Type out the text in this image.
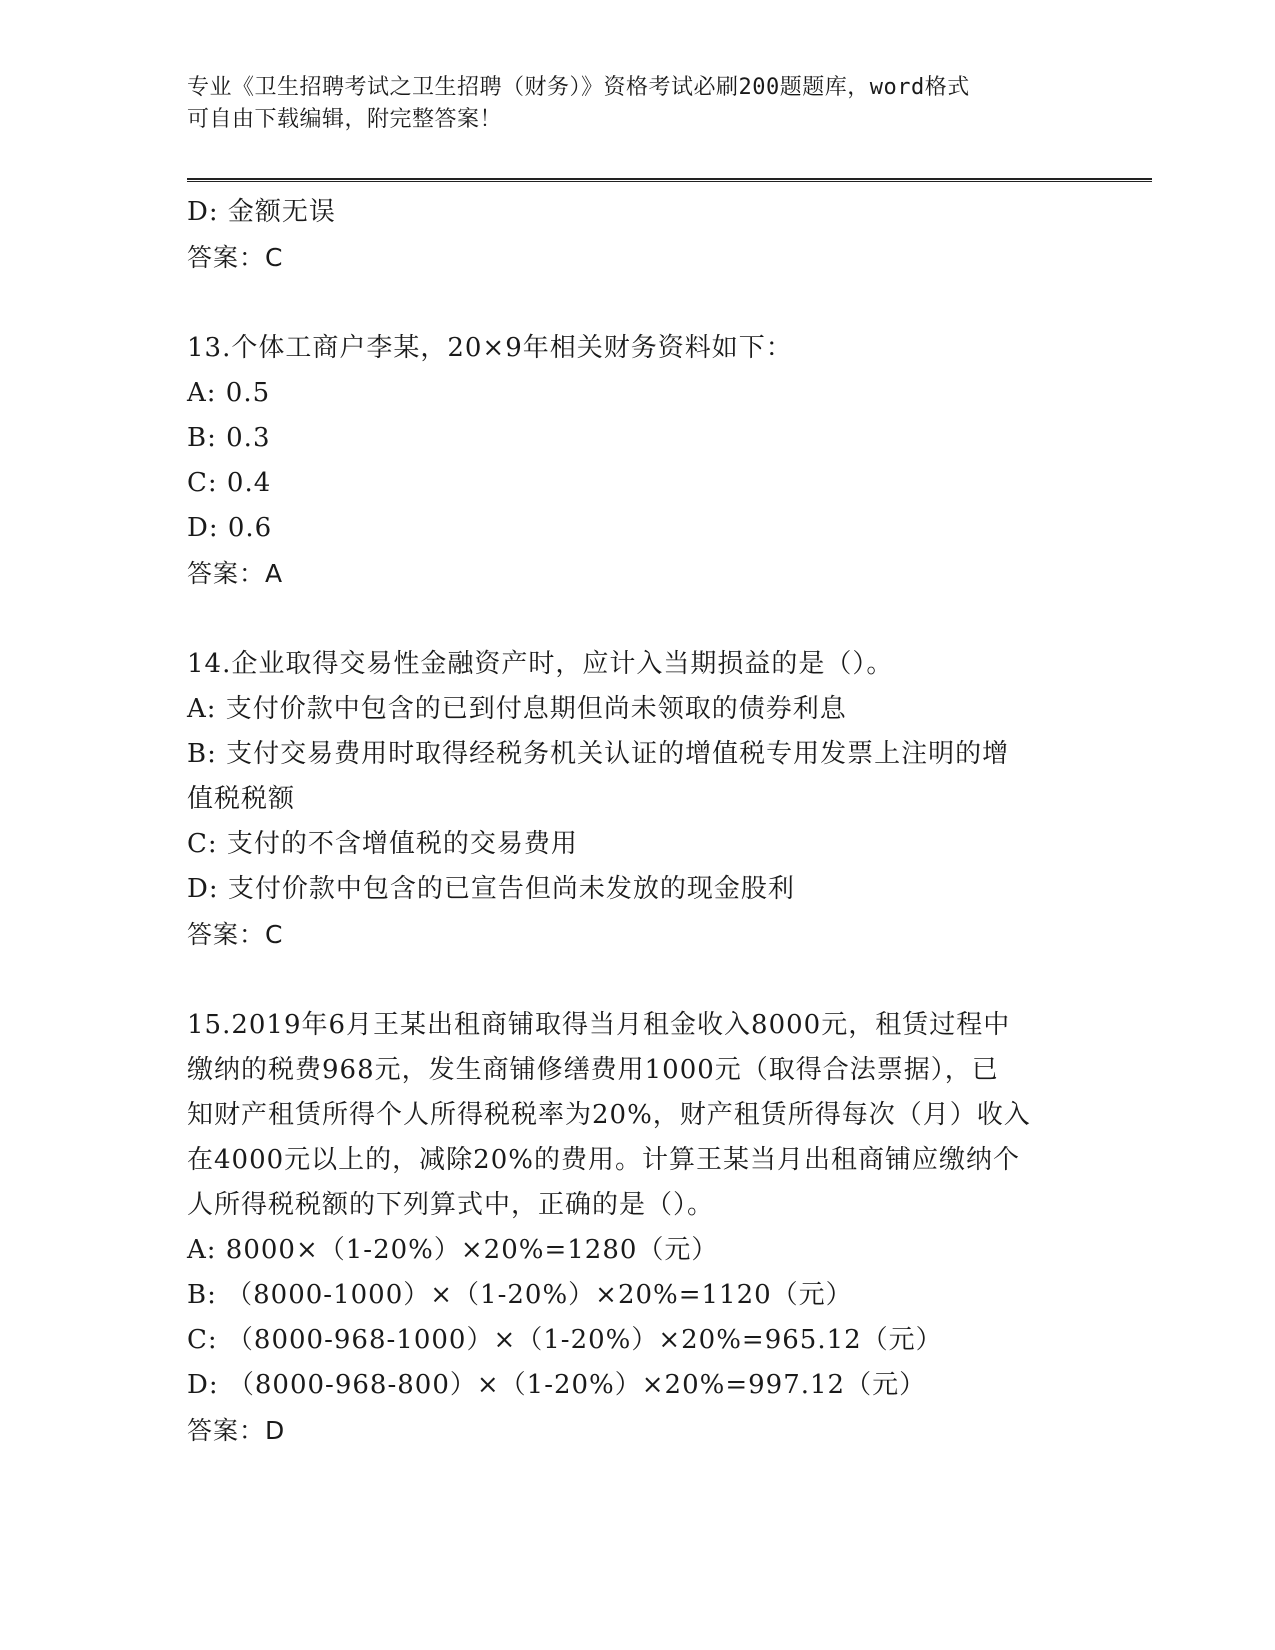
专业《卫生招聘考试之卫生招聘（财务）》资格考试必刷200题题库，word格式
可自由下载编辑，附完整答案！
D: 金额无误
答案：C
13.个体工商户李某，20×9年相关财务资料如下：
A: 0.5
B: 0.3
C: 0.4
D: 0.6
答案：A
14.企业取得交易性金融资产时，应计入当期损益的是（）。
A: 支付价款中包含的已到付息期但尚未领取的债券利息
B: 支付交易费用时取得经税务机关认证的增值税专用发票上注明的增
值税税额
C: 支付的不含增值税的交易费用
D: 支付价款中包含的已宣告但尚未发放的现金股利
答案：C
15.2019年6月王某出租商铺取得当月租金收入8000元，租赁过程中
缴纳的税费968元，发生商铺修缮费用1000元（取得合法票据），已
知财产租赁所得个人所得税税率为20%，财产租赁所得每次（月）收入
在4000元以上的，减除20%的费用。计算王某当月出租商铺应缴纳个
人所得税税额的下列算式中，正确的是（）。
A: 8000×（1-20%）×20%=1280（元）
B: （8000-1000）×（1-20%）×20%=1120（元）
C: （8000-968-1000）×（1-20%）×20%=965.12（元）
D: （8000-968-800）×（1-20%）×20%=997.12（元）
答案：D
